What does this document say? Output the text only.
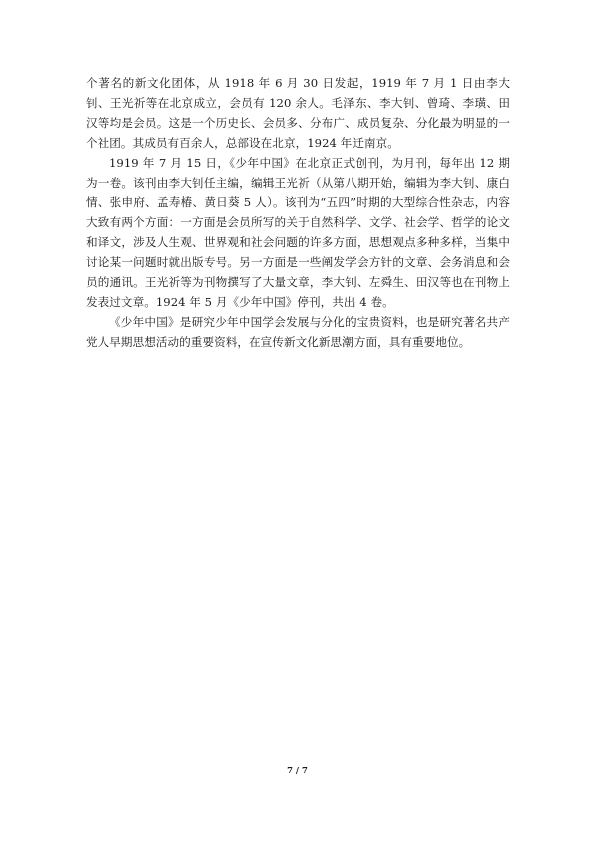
个著名的新文化团体，从 1918 年 6 月 30 日发起，1919 年 7 月 1 日由李大钊、王光祈等在北京成立，会员有 120 余人。毛泽东、李大钊、曾琦、李璜、田汉等均是会员。这是一个历史长、会员多、分布广、成员复杂、分化最为明显的一个社团。其成员有百余人，总部设在北京，1924 年迁南京。

1919 年 7 月 15 日，《少年中国》在北京正式创刊，为月刊，每年出 12 期为一卷。该刊由李大钊任主编，编辑王光祈（从第八期开始，编辑为李大钊、康白情、张申府、孟寿椿、黄日葵 5 人）。该刊为“五四”时期的大型综合性杂志，内容大致有两个方面：一方面是会员所写的关于自然科学、文学、社会学、哲学的论文和译文，涉及人生观、世界观和社会问题的许多方面，思想观点多种多样，当集中讨论某一问题时就出版专号。另一方面是一些阐发学会方针的文章、会务消息和会员的通讯。王光祈等为刊物撰写了大量文章，李大钊、左舜生、田汉等也在刊物上发表过文章。1924 年 5 月《少年中国》停刊，共出 4 卷。

《少年中国》是研究少年中国学会发展与分化的宝贵资料，也是研究著名共产党人早期思想活动的重要资料，在宣传新文化新思潮方面，具有重要地位。

7 / 7
